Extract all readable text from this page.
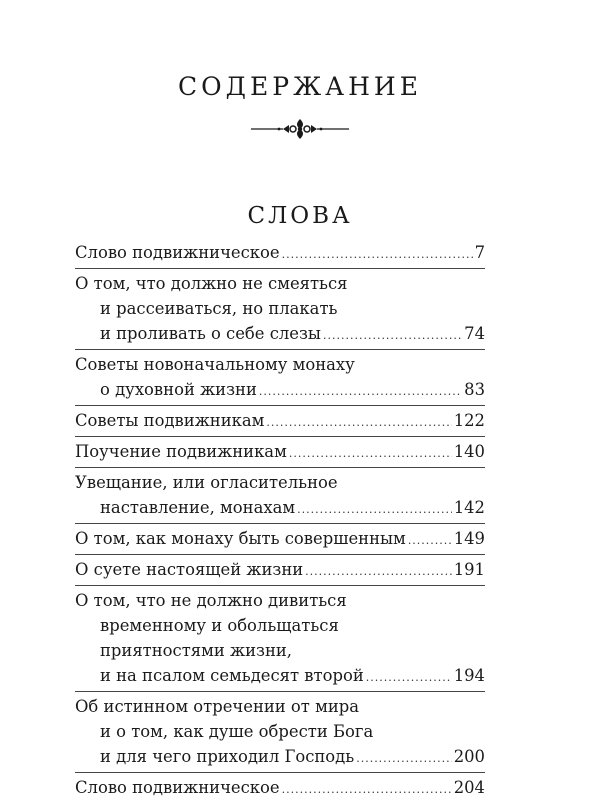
СОДЕРЖАНИЕ
СЛОВА
Слово подвижническое .....	7
О том, что должно не смеяться
и рассеиваться, но плакать
и проливать о себе слезы .....	74
Советы новоначальному монаху
о духовной жизни .....	83
Советы подвижникам .....	122
Поучение подвижникам .....	140
Увещание, или огласительное
наставление, монахам .....	142
О том, как монаху быть совершенным .....	149
О суете настоящей жизни .....	191
О том, что не должно дивиться
временному и обольщаться
приятностями жизни,
и на псалом семьдесят второй .....	194
Об истинном отречении от мира
и о том, как душе обрести Бога
и для чего приходил Господь .....	200
Слово подвижническое .....	204
